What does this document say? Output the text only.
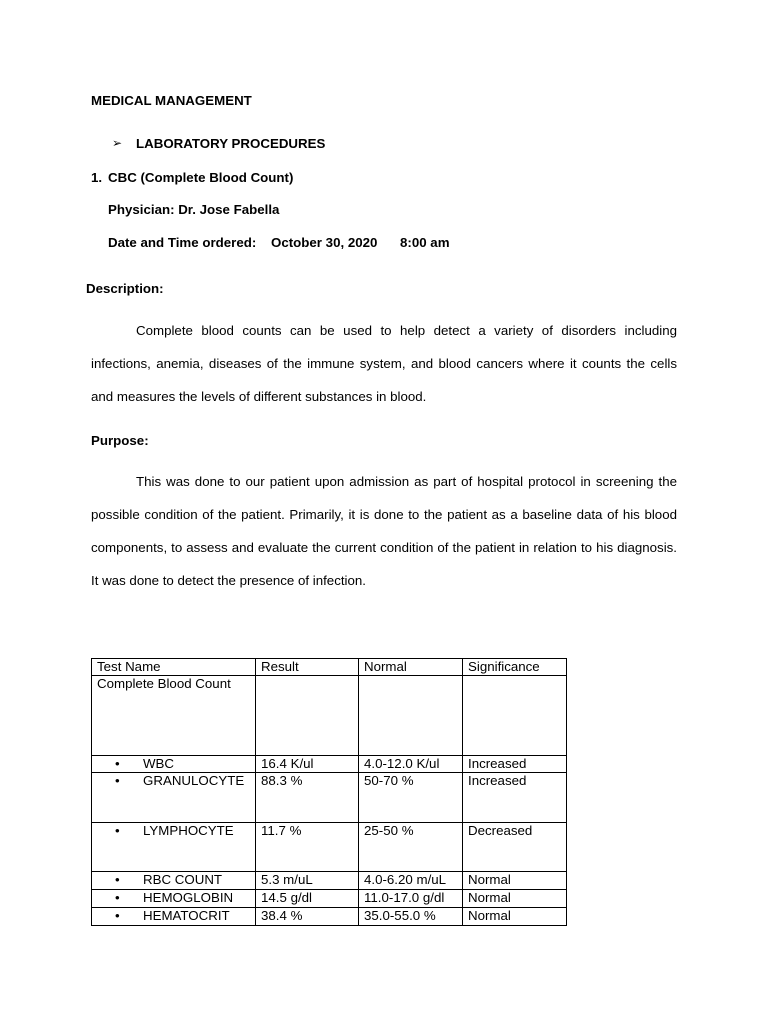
MEDICAL MANAGEMENT
➢ LABORATORY PROCEDURES
1. CBC (Complete Blood Count)
Physician: Dr. Jose Fabella
Date and Time ordered: October 30, 2020 8:00 am
Description:

Complete blood counts can be used to help detect a variety of disorders including infections, anemia, diseases of the immune system, and blood cancers where it counts the cells and measures the levels of different substances in blood.

Purpose:

This was done to our patient upon admission as part of hospital protocol in screening the possible condition of the patient. Primarily, it is done to the patient as a baseline data of his blood components, to assess and evaluate the current condition of the patient in relation to his diagnosis. It was done to detect the presence of infection.

Test Name	Result	Normal	Significance
Complete Blood Count			

• WBC	16.4 K/ul	4.0-12.0 K/ul	Increased

• GRANULOCYTE	88.3 %	50-70 %	Increased

• LYMPHOCYTE	11.7 %	25-50 %	Decreased

• RBC COUNT	5.3 m/uL	4.0-6.20 m/uL	Normal

• HEMOGLOBIN	14.5 g/dl	11.0-17.0 g/dl	Normal

• HEMATOCRIT	38.4 %	35.0-55.0 %	Normal
